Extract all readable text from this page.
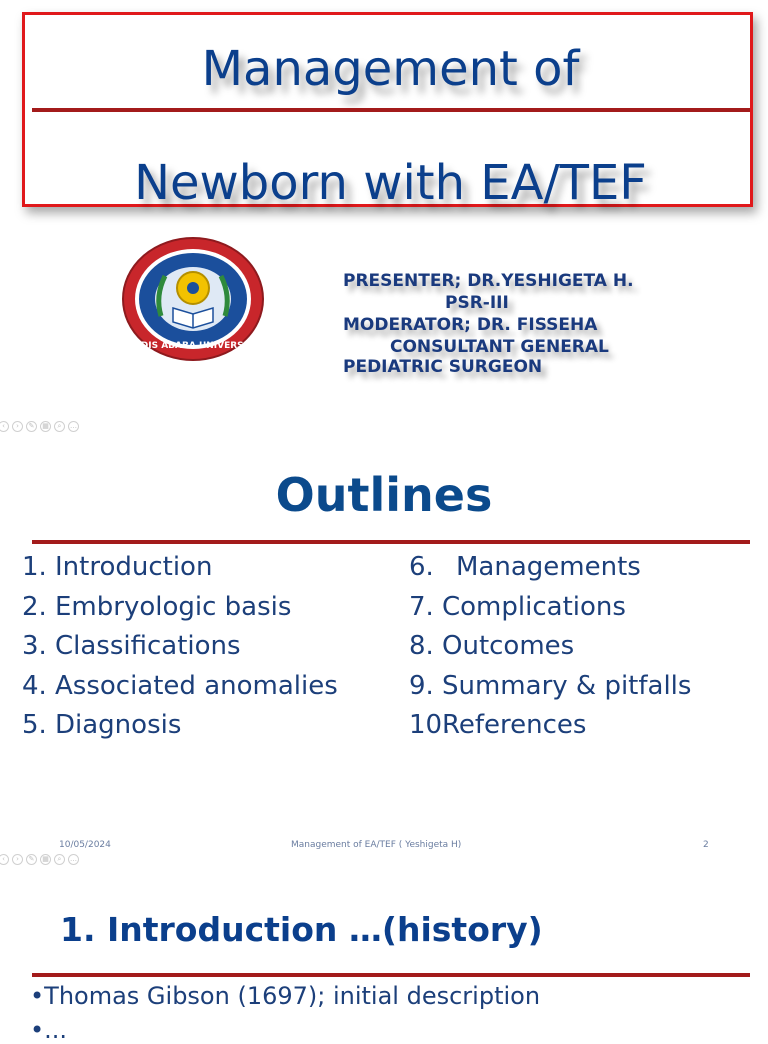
Management of
Newborn with EA/TEF
ADDIS ABABA UNIVERSITY
PRESENTER; DR.YESHIGETA H.
PSR-III
MODERATOR; DR. FISSEHA
CONSULTANT GENERAL
PEDIATRIC SURGEON
‹	›	✎	▦	⌕	…
Outlines
1. Introduction
2. Embryologic basis
3. Classifications
4. Associated anomalies
5. Diagnosis
6. Managements
7. Complications
8. Outcomes
9. Summary & pitfalls
10.References
10/05/2024	Management of EA/TEF ( Yeshigeta H)	2
‹	›	✎	▦	⌕	…
1. Introduction …(history)
•Thomas Gibson (1697); initial description
•...
